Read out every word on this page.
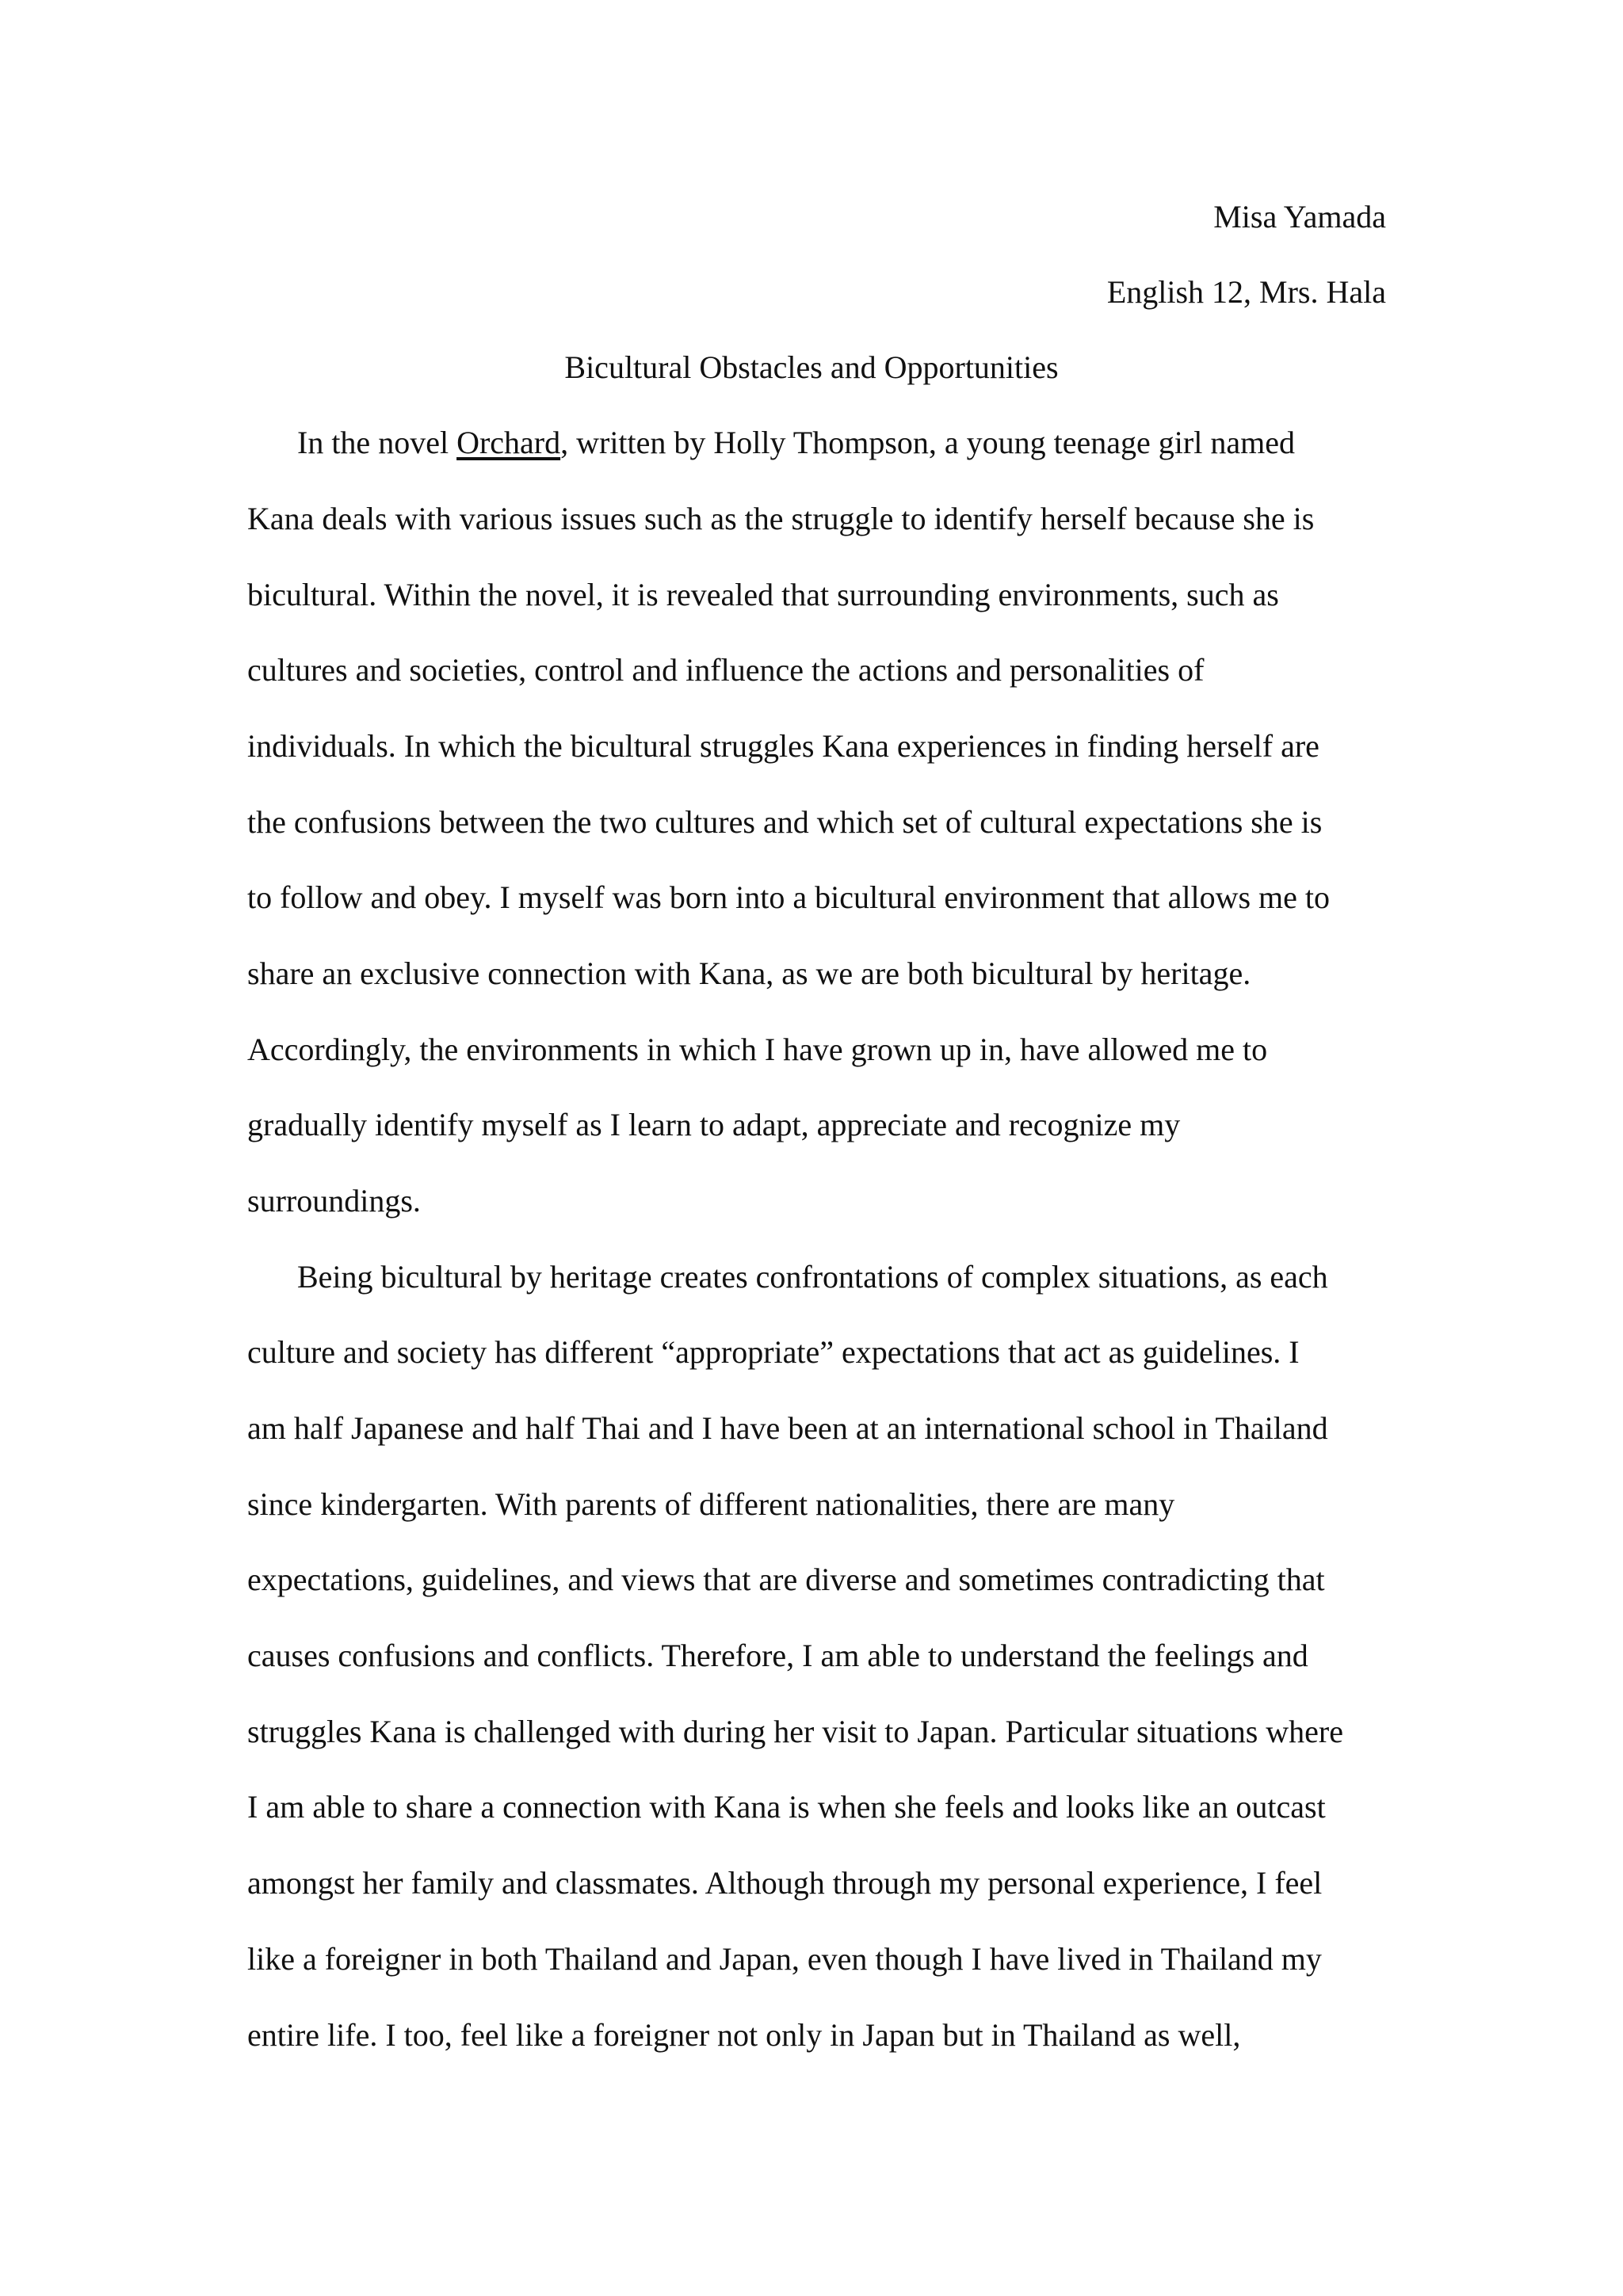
Misa Yamada
English 12, Mrs. Hala
Bicultural Obstacles and Opportunities
In the novel Orchard, written by Holly Thompson, a young teenage girl named
Kana deals with various issues such as the struggle to identify herself because she is
bicultural. Within the novel, it is revealed that surrounding environments, such as
cultures and societies, control and influence the actions and personalities of
individuals. In which the bicultural struggles Kana experiences in finding herself are
the confusions between the two cultures and which set of cultural expectations she is
to follow and obey. I myself was born into a bicultural environment that allows me to
share an exclusive connection with Kana, as we are both bicultural by heritage.
Accordingly, the environments in which I have grown up in, have allowed me to
gradually identify myself as I learn to adapt, appreciate and recognize my
surroundings.
Being bicultural by heritage creates confrontations of complex situations, as each
culture and society has different “appropriate” expectations that act as guidelines. I
am half Japanese and half Thai and I have been at an international school in Thailand
since kindergarten. With parents of different nationalities, there are many
expectations, guidelines, and views that are diverse and sometimes contradicting that
causes confusions and conflicts. Therefore, I am able to understand the feelings and
struggles Kana is challenged with during her visit to Japan. Particular situations where
I am able to share a connection with Kana is when she feels and looks like an outcast
amongst her family and classmates. Although through my personal experience, I feel
like a foreigner in both Thailand and Japan, even though I have lived in Thailand my
entire life. I too, feel like a foreigner not only in Japan but in Thailand as well,
